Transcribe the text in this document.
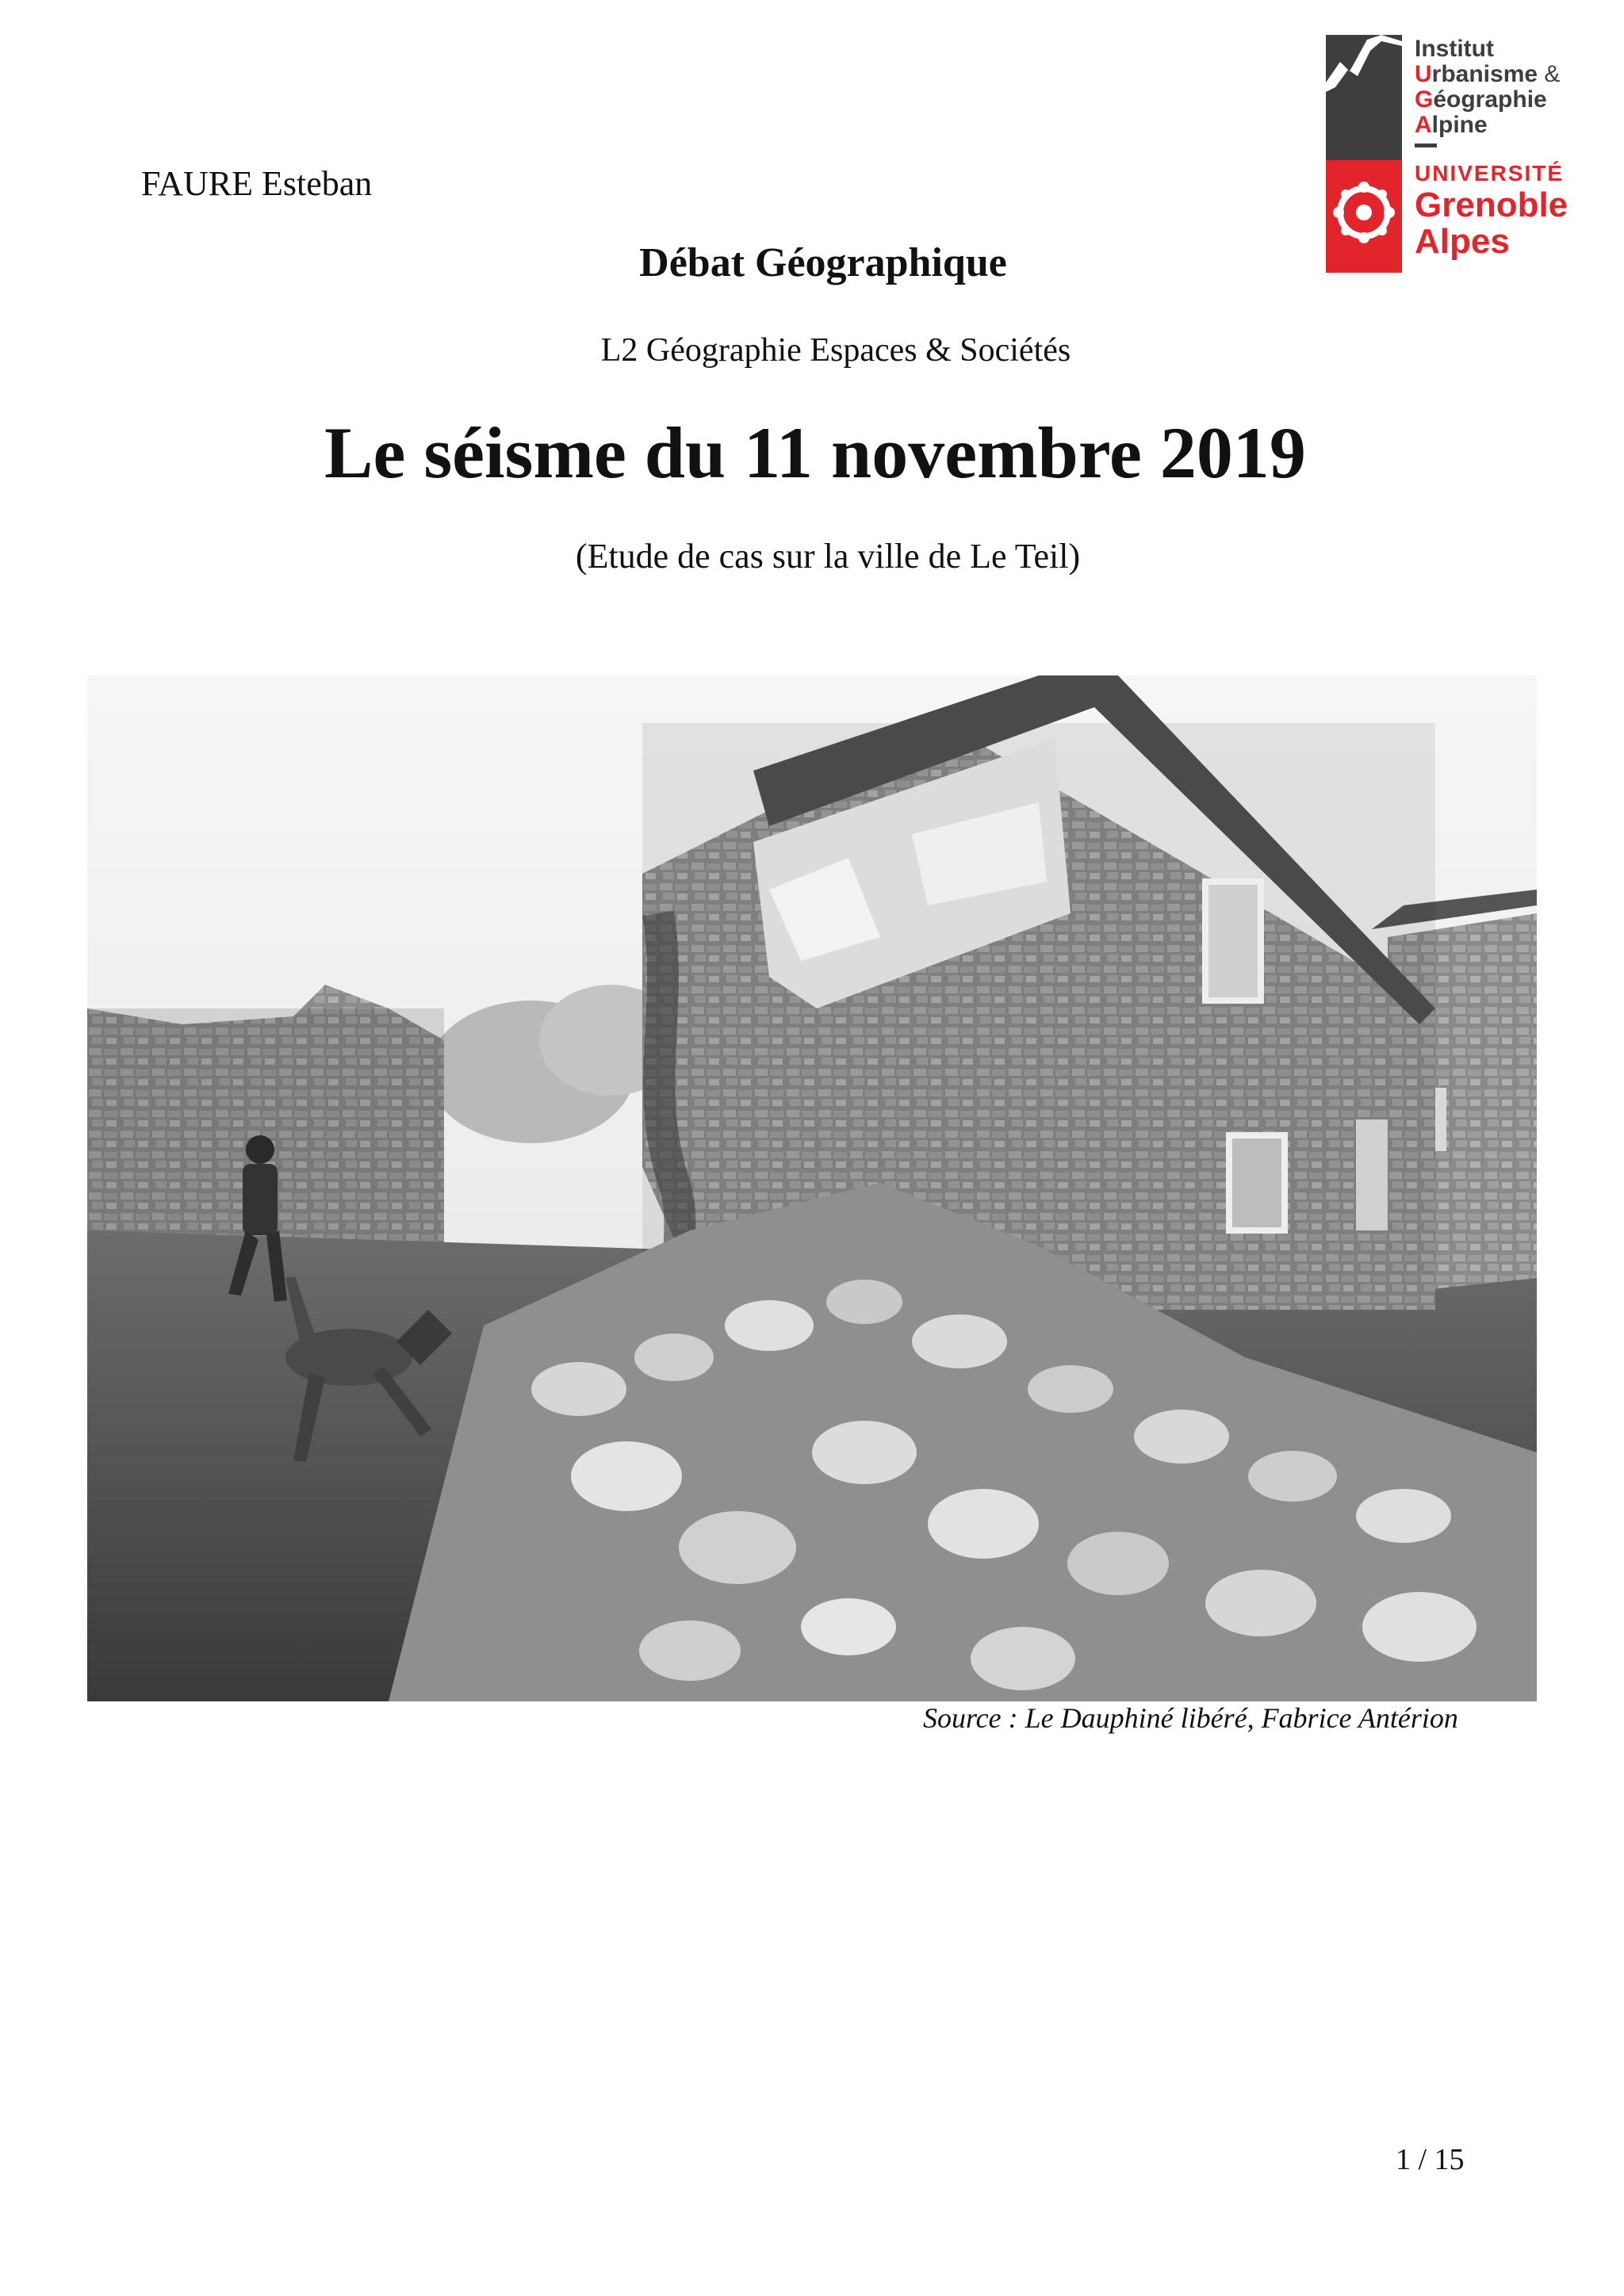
FAURE Esteban
Institut
Urbanisme &
Géographie
Alpine
UNIVERSITÉ
Grenoble
Alpes
Débat Géographique
L2 Géographie Espaces & Sociétés
Le séisme du 11 novembre 2019
(Etude de cas sur la ville de Le Teil)
Source : Le Dauphiné libéré, Fabrice Antérion
1 / 15
